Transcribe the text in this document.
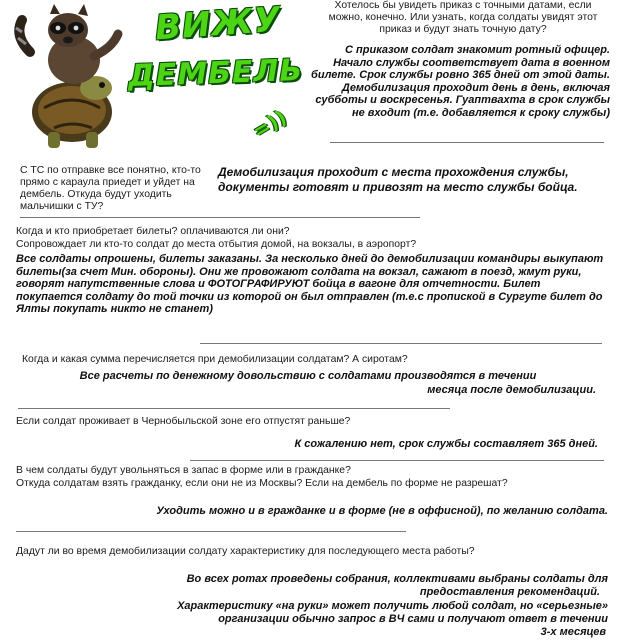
ВИЖУ
ДЕМБЕЛЬ
=))
Хотелось бы увидеть приказ с точными датами, если можно, конечно. Или узнать, когда солдаты увидят этот приказ и будут знать точную дату?
С приказом солдат знакомит ротный офицер. Начало службы соответствует дата в военном билете. Срок службы ровно 365 дней от этой даты. Демобилизация проходит день в день, включая субботы и воскресенья. Гуаптвахта в срок службы не входит (т.е. добавляется к сроку службы)
С ТС по отправке все понятно, кто-то прямо с караула приедет и уйдет на дембель. Откуда будут уходить мальчишки с ТУ?
Демобилизация проходит с места прохождения службы, документы готовят и привозят на место службы бойца.
Когда и кто приобретает билеты? оплачиваются ли они?
Сопровождает ли кто-то солдат до места отбытия домой, на вокзалы, в аэропорт?
Все солдаты опрошены, билеты заказаны. За несколько дней до демобилизации командиры выкупают билеты(за счет Мин. обороны). Они же провожают солдата на вокзал, сажают в поезд, жмут руки, говорят напутственные слова и ФОТОГРАФИРУЮТ бойца в вагоне для отчетности. Билет покупается солдату до той точки из которой он был отправлен (т.е.с пропиской в Сургуте билет до Ялты покупать никто не станет)
Когда и какая сумма перечисляется при демобилизации солдатам? А сиротам?
Все расчеты по денежному довольствию с солдатами производятся в течении
месяца после демобилизации.
Если солдат проживает в Чернобыльской зоне его отпустят раньше?
К сожалению нет, срок службы составляет 365 дней.
В чем солдаты будут увольняться в запас в форме или в гражданке?
Откуда солдатам взять гражданку, если они не из Москвы? Если на дембель по форме не разрешат?
Уходить можно и в гражданке и в форме (не в оффисной), по желанию солдата.
Дадут ли во время демобилизации солдату характеристику для последующего места работы?
Во всех ротах проведены собрания, коллективами выбраны солдаты для
предоставления рекомендаций.
Характеристику «на руки» может получить любой солдат, но «серьезные»
организации обычно запрос в ВЧ сами и получают ответ в течении
3-х месяцев
